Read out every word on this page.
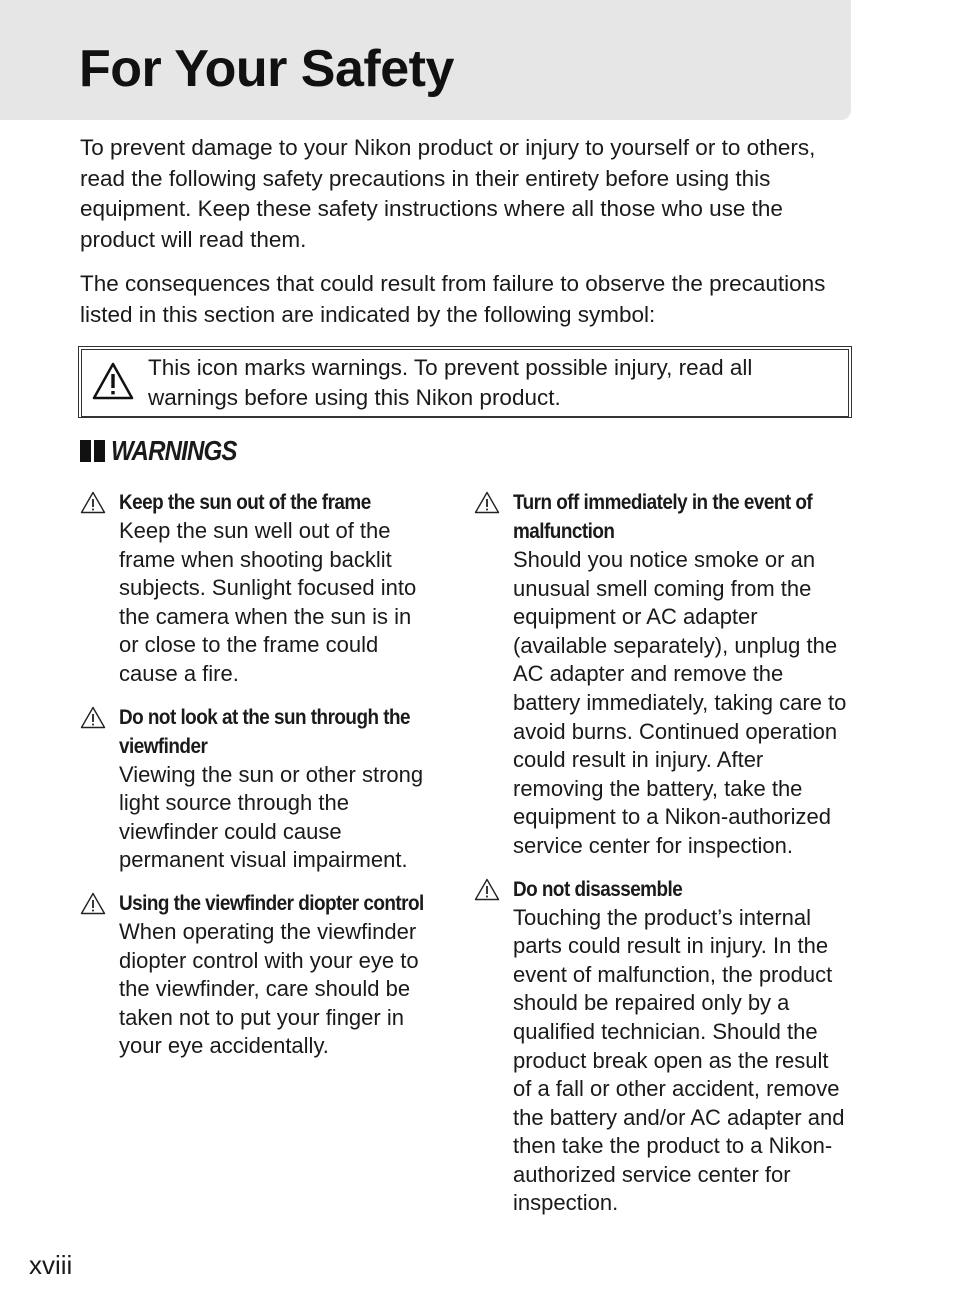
For Your Safety

To prevent damage to your Nikon product or injury to yourself or to others, read the following safety precautions in their entirety before using this equipment. Keep these safety instructions where all those who use the product will read them.

The consequences that could result from failure to observe the precautions listed in this section are indicated by the following symbol:

This icon marks warnings. To prevent possible injury, read all warnings before using this Nikon product.
WARNINGS
Keep the sun out of the frame
Keep the sun well out of the frame when shooting backlit subjects. Sunlight focused into the camera when the sun is in or close to the frame could cause a fire.
Do not look at the sun through the
viewfinder
Viewing the sun or other strong light source through the viewfinder could cause permanent visual impairment.
Using the viewfinder diopter control
When operating the viewfinder diopter control with your eye to the viewfinder, care should be taken not to put your finger in your eye accidentally.
Turn off immediately in the event of
malfunction
Should you notice smoke or an unusual smell coming from the equipment or AC adapter (available separately), unplug the AC adapter and remove the battery immediately, taking care to avoid burns. Continued operation could result in injury. After removing the battery, take the equipment to a Nikon-authorized service center for inspection.
Do not disassemble
Touching the product’s internal parts could result in injury. In the event of malfunction, the product should be repaired only by a qualified technician. Should the product break open as the result of a fall or other accident, remove the battery and/or AC adapter and then take the product to a Nikon-authorized service center for inspection.

xviii
